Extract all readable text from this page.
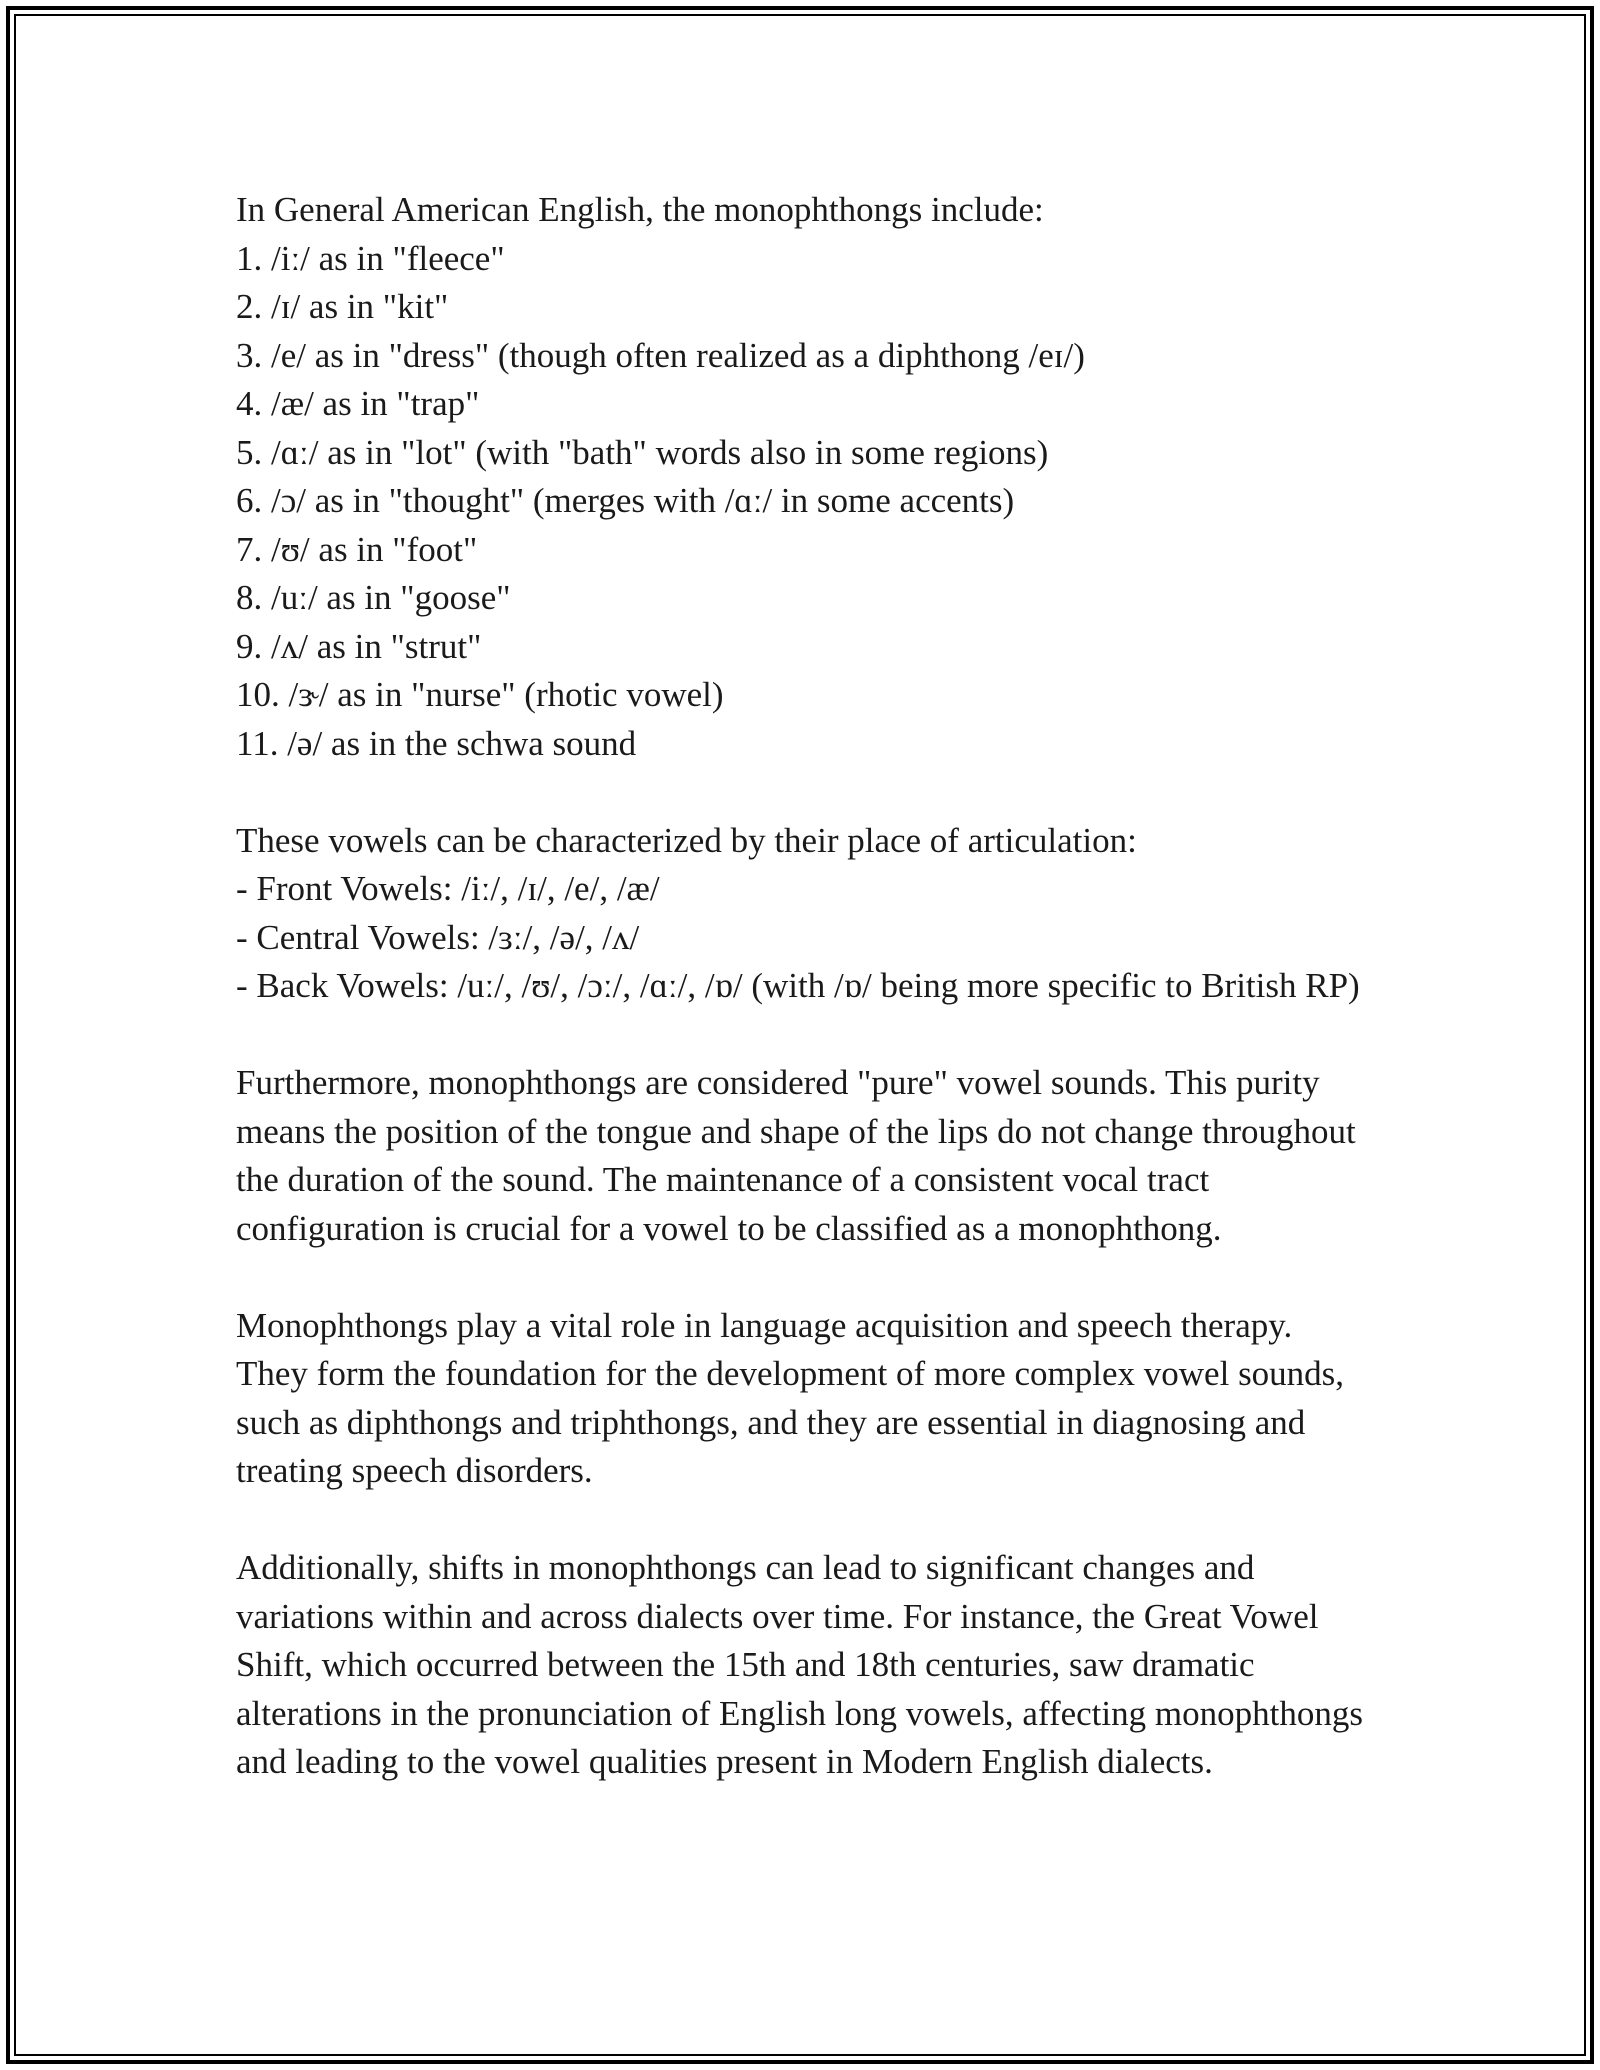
In General American English, the monophthongs include:

1. /iː/ as in "fleece"

2. /ɪ/ as in "kit"

3. /e/ as in "dress" (though often realized as a diphthong /eɪ/)

4. /æ/ as in "trap"

5. /ɑː/ as in "lot" (with "bath" words also in some regions)

6. /ɔ/ as in "thought" (merges with /ɑː/ in some accents)

7. /ʊ/ as in "foot"

8. /uː/ as in "goose"

9. /ʌ/ as in "strut"

10. /ɝ/ as in "nurse" (rhotic vowel)

11. /ə/ as in the schwa sound

These vowels can be characterized by their place of articulation:

- Front Vowels: /iː/, /ɪ/, /e/, /æ/

- Central Vowels: /ɜː/, /ə/, /ʌ/

- Back Vowels: /uː/, /ʊ/, /ɔː/, /ɑː/, /ɒ/ (with /ɒ/ being more specific to British RP)

Furthermore, monophthongs are considered "pure" vowel sounds. This purity means the position of the tongue and shape of the lips do not change throughout the duration of the sound. The maintenance of a consistent vocal tract configuration is crucial for a vowel to be classified as a monophthong.

Monophthongs play a vital role in language acquisition and speech therapy. They form the foundation for the development of more complex vowel sounds, such as diphthongs and triphthongs, and they are essential in diagnosing and treating speech disorders.

Additionally, shifts in monophthongs can lead to significant changes and variations within and across dialects over time. For instance, the Great Vowel Shift, which occurred between the 15th and 18th centuries, saw dramatic alterations in the pronunciation of English long vowels, affecting monophthongs and leading to the vowel qualities present in Modern English dialects.
